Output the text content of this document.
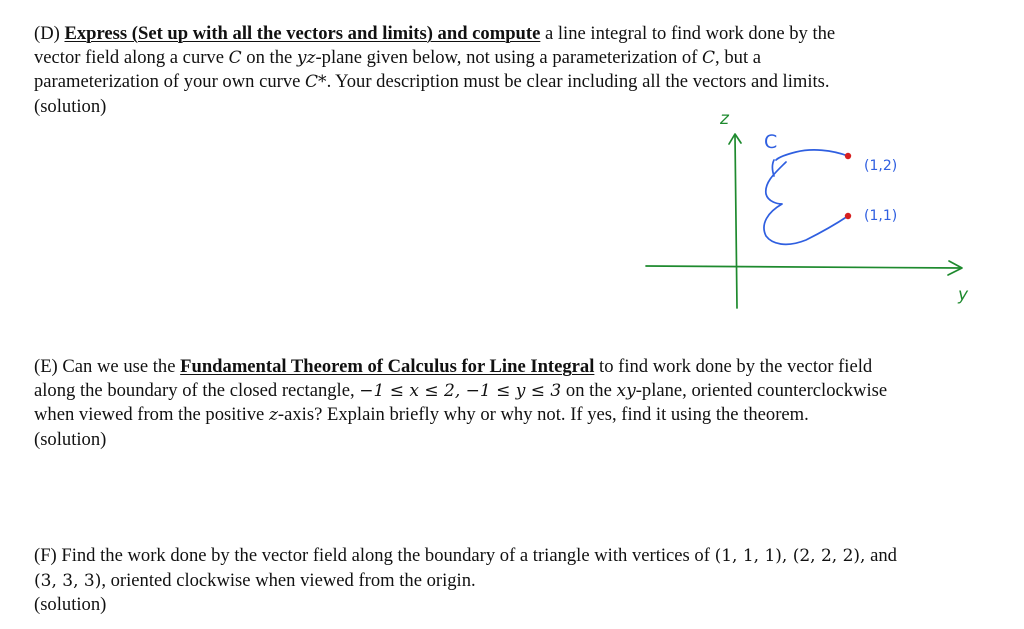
(D) Express (Set up with all the vectors and limits) and compute a line integral to find work done by the
vector field along a curve C on the yz-plane given below, not using a parameterization of C, but a
parameterization of your own curve C*. Your description must be clear including all the vectors and limits.
(solution)
z
y
C
(1,2)
(1,1)
(E) Can we use the Fundamental Theorem of Calculus for Line Integral to find work done by the vector field
along the boundary of the closed rectangle, −1 ≤ x ≤ 2, −1 ≤ y ≤ 3 on the xy-plane, oriented counterclockwise
when viewed from the positive z-axis? Explain briefly why or why not. If yes, find it using the theorem.
(solution)
(F) Find the work done by the vector field along the boundary of a triangle with vertices of (1, 1, 1), (2, 2, 2), and
(3, 3, 3), oriented clockwise when viewed from the origin.
(solution)
